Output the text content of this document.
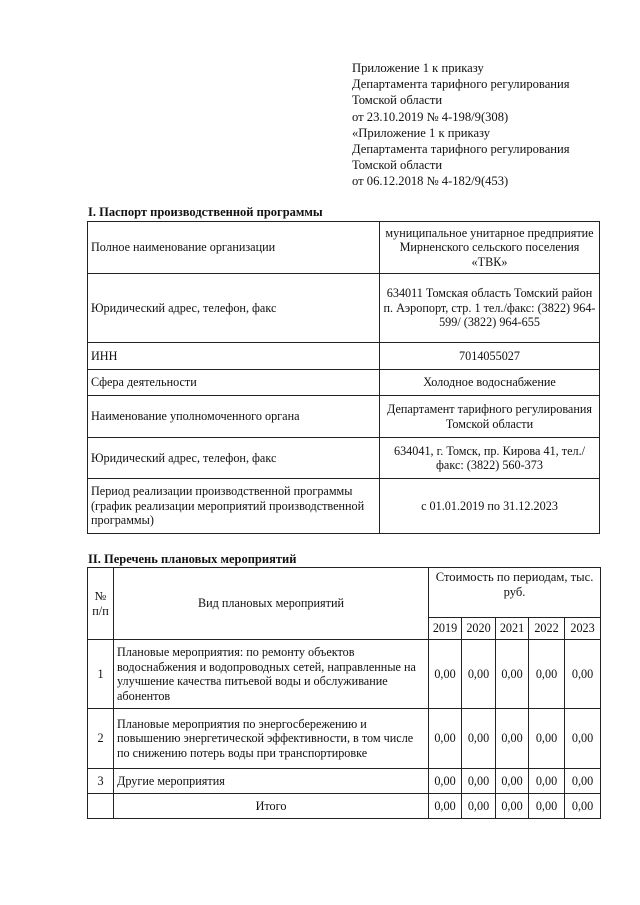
Приложение 1 к приказу
Департамента тарифного регулирования
Томской области
от 23.10.2019 № 4-198/9(308)
«Приложение 1 к приказу
Департамента тарифного регулирования
Томской области
от 06.12.2018 № 4-182/9(453)
I. Паспорт производственной программы
Полное наименование организации	муниципальное унитарное предприятие Мирненского сельского поселения «ТВК»
Юридический адрес, телефон, факс	634011 Томская область Томский район п. Аэропорт, стр. 1 тел./факс: (3822) 964-599/ (3822) 964-655
ИНН	7014055027
Сфера деятельности	Холодное водоснабжение
Наименование уполномоченного органа	Департамент тарифного регулирования Томской области
Юридический адрес, телефон, факс	634041, г. Томск, пр. Кирова 41, тел./факс: (3822) 560-373
Период реализации производственной программы (график реализации мероприятий производственной программы)	с 01.01.2019 по 31.12.2023
II. Перечень плановых мероприятий
№ п/п	Вид плановых мероприятий	Стоимость по периодам, тыс. руб.				
		2019	2020	2021	2022	2023
1	Плановые мероприятия: по ремонту объектов водоснабжения и водопроводных сетей, направленные на улучшение качества питьевой воды и обслуживание абонентов	0,00	0,00	0,00	0,00	0,00
2	Плановые мероприятия по энергосбережению и повышению энергетической эффективности, в том числе по снижению потерь воды при транспортировке	0,00	0,00	0,00	0,00	0,00
3	Другие мероприятия	0,00	0,00	0,00	0,00	0,00
	Итого	0,00	0,00	0,00	0,00	0,00
